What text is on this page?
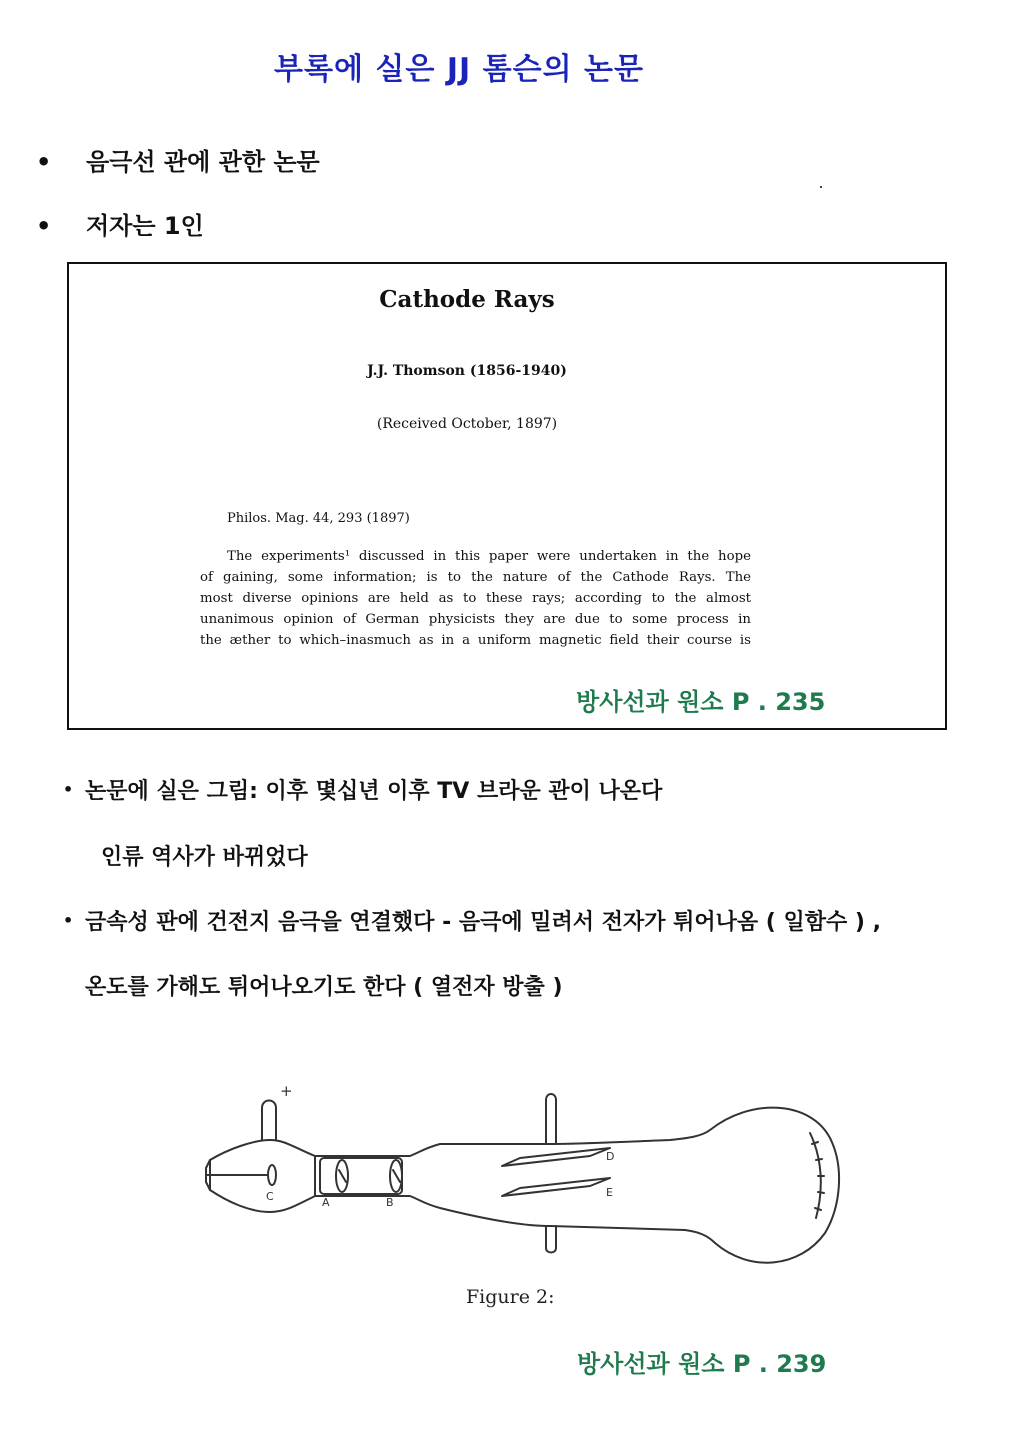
부록에 실은 JJ 톰슨의 논문
• 음극선 관에 관한 논문
• 저자는 1인
Cathode Rays
J.J. Thomson (1856-1940)
(Received October, 1897)
Philos. Mag. 44, 293 (1897)
The experiments¹ discussed in this paper were undertaken in the hope
of gaining, some information; is to the nature of the Cathode Rays. The
most diverse opinions are held as to these rays; according to the almost
unanimous opinion of German physicists they are due to some process in
the æther to which–inasmuch as in a uniform magnetic field their course is
방사선과 원소 P . 235
• 논문에 실은 그림: 이후 몇십년 이후 TV 브라운 관이 나온다
인류 역사가 바뀌었다
• 금속성 판에 건전지 음극을 연결했다 - 음극에 밀려서 전자가 튀어나옴 ( 일함수 ) ,
온도를 가해도 튀어나오기도 한다 ( 열전자 방출 )
+
C	A	B
D
E
Figure 2:
방사선과 원소 P . 239
